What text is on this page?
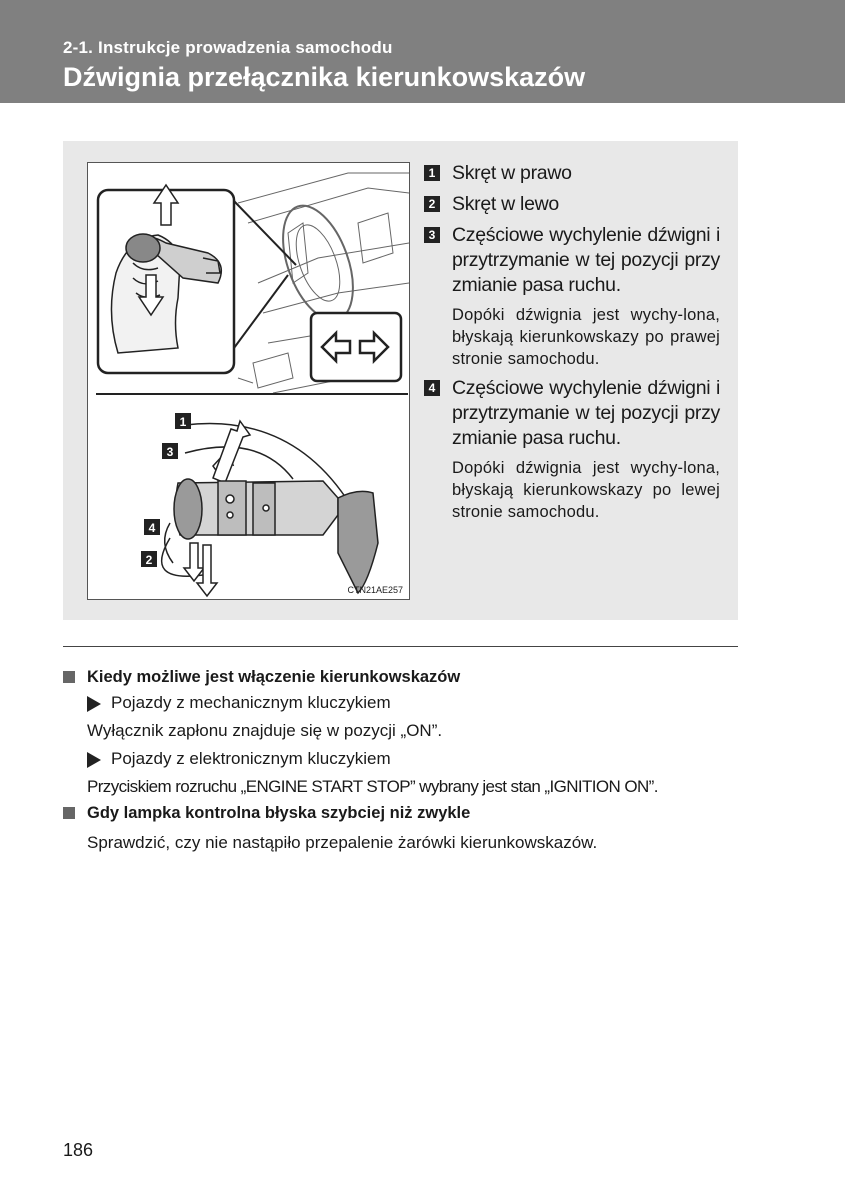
2-1. Instrukcje prowadzenia samochodu
Dźwignia przełącznika kierunkowskazów
1
3
4
2
CTN21AE257
1 Skręt w prawo
2 Skręt w lewo
3 Częściowe wychylenie dźwigni i przytrzymanie w tej pozycji przy zmianie pasa ruchu.
Dopóki dźwignia jest wychy-lona, błyskają kierunkowskazy po prawej stronie samochodu.
4 Częściowe wychylenie dźwigni i przytrzymanie w tej pozycji przy zmianie pasa ruchu.
Dopóki dźwignia jest wychy-lona, błyskają kierunkowskazy po lewej stronie samochodu.
Kiedy możliwe jest włączenie kierunkowskazów
Pojazdy z mechanicznym kluczykiem
Wyłącznik zapłonu znajduje się w pozycji „ON”.
Pojazdy z elektronicznym kluczykiem
Przyciskiem rozruchu „ENGINE START STOP” wybrany jest stan „IGNITION ON”.
Gdy lampka kontrolna błyska szybciej niż zwykle
Sprawdzić, czy nie nastąpiło przepalenie żarówki kierunkowskazów.
186
